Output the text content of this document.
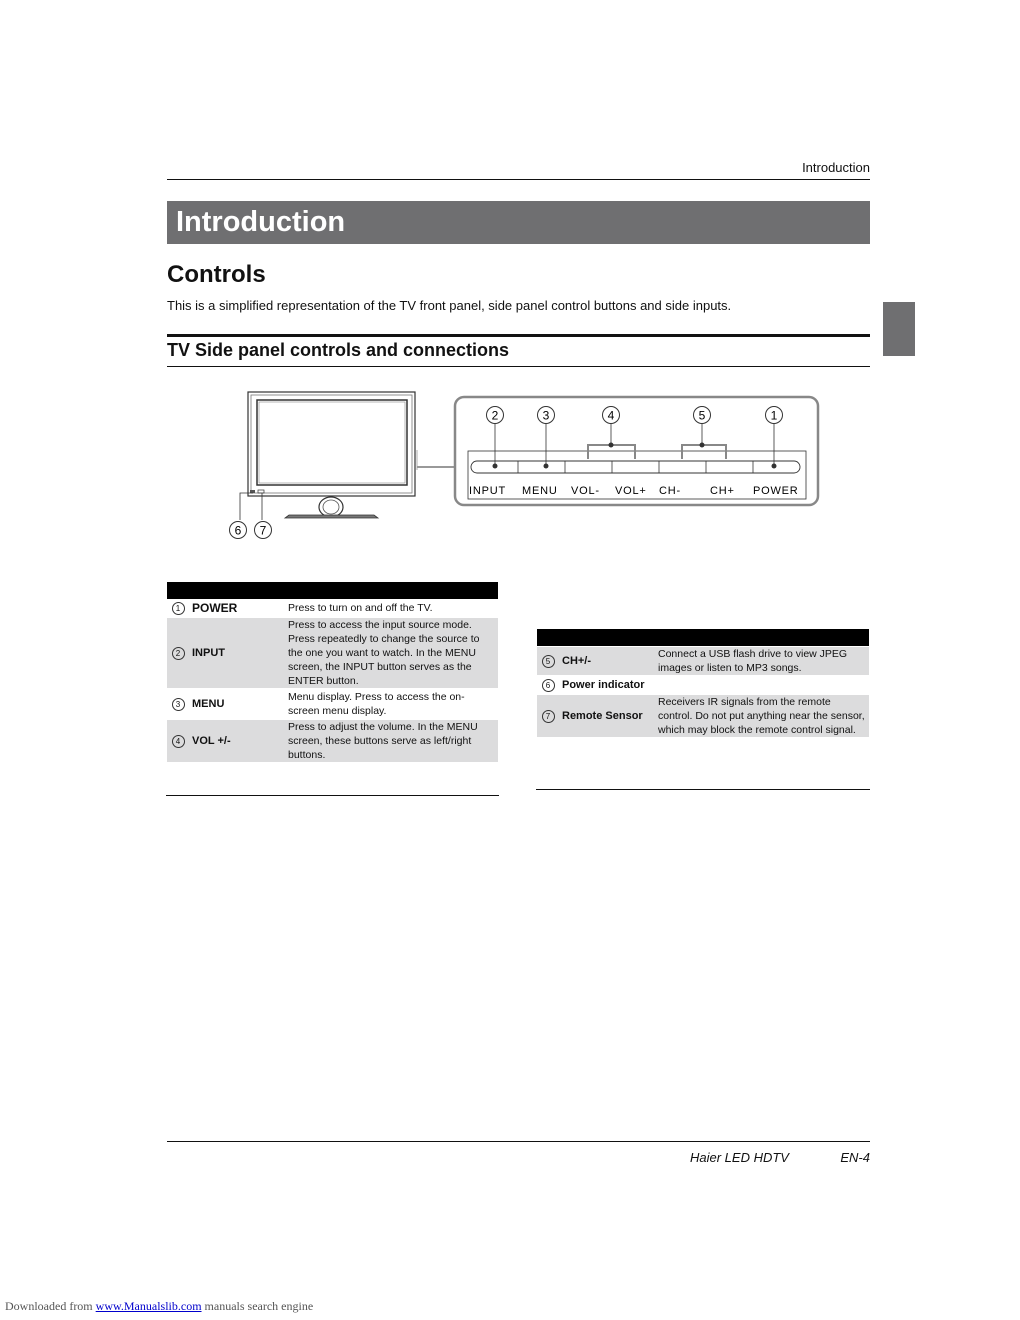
Introduction
Introduction
Controls
This is a simplified representation of the TV front panel, side panel control buttons and side inputs.
TV Side panel controls and connections
2	3	4	5	1
INPUT MENU VOL- VOL+ CH-	CH+ POWER
6 7
1	POWER	Press to turn on and off the TV.
2	INPUT	Press to access the input source mode. Press repeatedly to change the source to the one you want to watch. In the MENU screen, the INPUT button serves as the ENTER button.
3	MENU	Menu display. Press to access the on-screen menu display.
4	VOL +/-	Press to adjust the volume. In the MENU screen, these buttons serve as left/right buttons.
5	CH+/-	Connect a USB flash drive to view JPEG images or listen to MP3 songs.
6	Power indicator	
7	Remote Sensor	Receivers IR signals from the remote control. Do not put anything near the sensor, which may block the remote control signal.
Haier LED HDTV	EN-4
Downloaded from www.Manualslib.com manuals search engine
